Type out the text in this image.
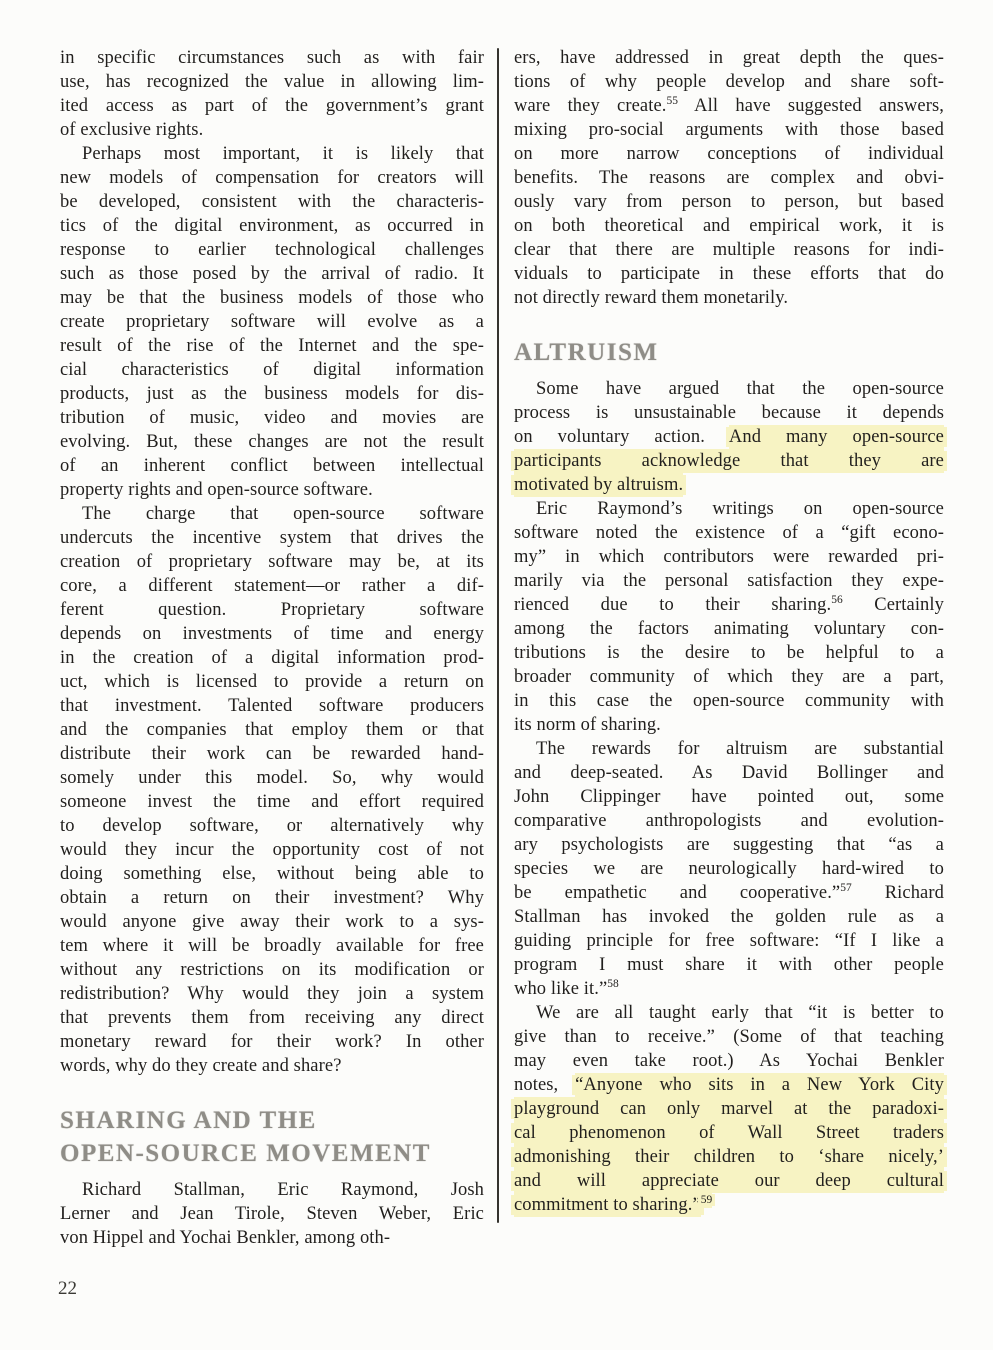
in specific circumstances such as with fair
use, has recognized the value in allowing lim-
ited access as part of the government’s grant
of exclusive rights.
Perhaps most important, it is likely that
new models of compensation for creators will
be developed, consistent with the characteris-
tics of the digital environment, as occurred in
response to earlier technological challenges
such as those posed by the arrival of radio. It
may be that the business models of those who
create proprietary software will evolve as a
result of the rise of the Internet and the spe-
cial characteristics of digital information
products, just as the business models for dis-
tribution of music, video and movies are
evolving. But, these changes are not the result
of an inherent conflict between intellectual
property rights and open-source software.
The charge that open-source software
undercuts the incentive system that drives the
creation of proprietary software may be, at its
core, a different statement—or rather a dif-
ferent question. Proprietary software
depends on investments of time and energy
in the creation of a digital information prod-
uct, which is licensed to provide a return on
that investment. Talented software producers
and the companies that employ them or that
distribute their work can be rewarded hand-
somely under this model. So, why would
someone invest the time and effort required
to develop software, or alternatively why
would they incur the opportunity cost of not
doing something else, without being able to
obtain a return on their investment? Why
would anyone give away their work to a sys-
tem where it will be broadly available for free
without any restrictions on its modification or
redistribution? Why would they join a system
that prevents them from receiving any direct
monetary reward for their work? In other
words, why do they create and share?
SHARING AND THE
OPEN-SOURCE MOVEMENT
Richard Stallman, Eric Raymond, Josh
Lerner and Jean Tirole, Steven Weber, Eric
von Hippel and Yochai Benkler, among oth-
ers, have addressed in great depth the ques-
tions of why people develop and share soft-
ware they create.$^{55}$ All have suggested answers,
mixing pro-social arguments with those based
on more narrow conceptions of individual
benefits. The reasons are complex and obvi-
ously vary from person to person, but based
on both theoretical and empirical work, it is
clear that there are multiple reasons for indi-
viduals to participate in these efforts that do
not directly reward them monetarily.
ALTRUISM
Some have argued that the open-source
process is unsustainable because it depends
on voluntary action. And many open-source
participants acknowledge that they are
motivated by altruism.
Eric Raymond’s writings on open-source
software noted the existence of a “gift econo-
my” in which contributors were rewarded pri-
marily via the personal satisfaction they expe-
rienced due to their sharing.$^{56}$ Certainly
among the factors animating voluntary con-
tributions is the desire to be helpful to a
broader community of which they are a part,
in this case the open-source community with
its norm of sharing.
The rewards for altruism are substantial
and deep-seated. As David Bollinger and
John Clippinger have pointed out, some
comparative anthropologists and evolution-
ary psychologists are suggesting that “as a
species we are neurologically hard-wired to
be empathetic and cooperative.”$^{57}$ Richard
Stallman has invoked the golden rule as a
guiding principle for free software: “If I like a
program I must share it with other people
who like it.”$^{58}$
We are all taught early that “it is better to
give than to receive.” (Some of that teaching
may even take root.) As Yochai Benkler
notes, “Anyone who sits in a New York City
playground can only marvel at the paradoxi-
cal phenomenon of Wall Street traders
admonishing their children to ‘share nicely,’
and will appreciate our deep cultural
commitment to sharing.”$^{59}$
22
